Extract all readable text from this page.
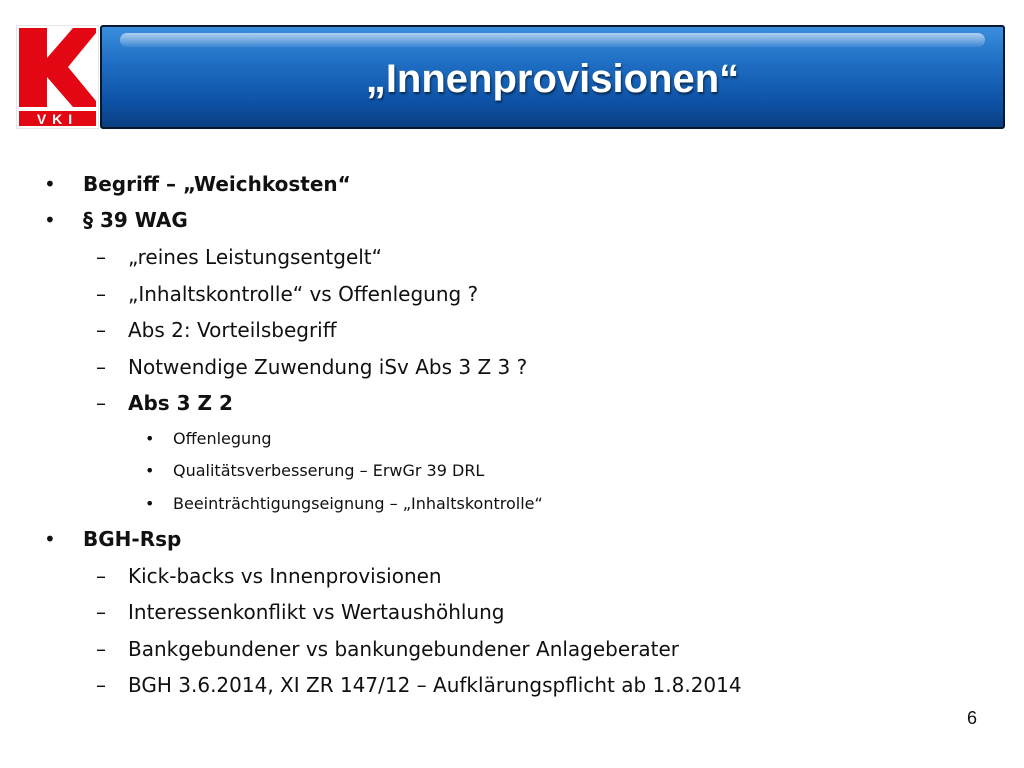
VKI
„Innenprovisionen“
• Begriff – „Weichkosten“
• § 39 WAG
– „reines Leistungsentgelt“
– „Inhaltskontrolle“ vs Offenlegung ?
– Abs 2: Vorteilsbegriff
– Notwendige Zuwendung iSv Abs 3 Z 3 ?
– Abs 3 Z 2
• Offenlegung
• Qualitätsverbesserung – ErwGr 39 DRL
• Beeinträchtigungseignung – „Inhaltskontrolle“
• BGH-Rsp
– Kick-backs vs Innenprovisionen
– Interessenkonflikt vs Wertaushöhlung
– Bankgebundener vs bankungebundener Anlageberater
– BGH 3.6.2014, XI ZR 147/12 – Aufklärungspflicht ab 1.8.2014
6
